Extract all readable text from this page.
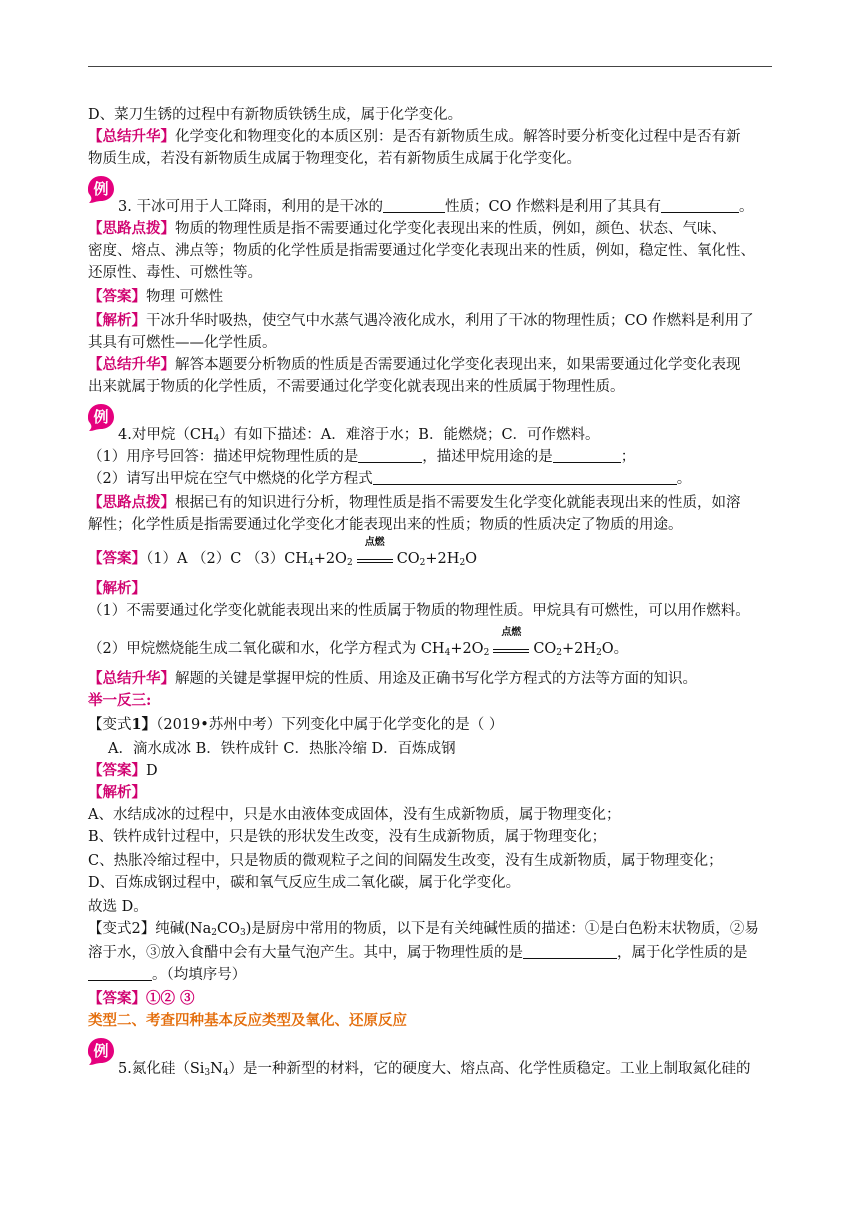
D、菜刀生锈的过程中有新物质铁锈生成，属于化学变化。
【总结升华】化学变化和物理变化的本质区别：是否有新物质生成。解答时要分析变化过程中是否有新
物质生成，若没有新物质生成属于物理变化，若有新物质生成属于化学变化。
例
3. 干冰可用于人工降雨，利用的是干冰的	性质；CO 作燃料是利用了其具有	。
【思路点拨】物质的物理性质是指不需要通过化学变化表现出来的性质，例如，颜色、状态、气味、
密度、熔点、沸点等；物质的化学性质是指需要通过化学变化表现出来的性质，例如，稳定性、氧化性、
还原性、毒性、可燃性等。
【答案】物理 可燃性
【解析】干冰升华时吸热，使空气中水蒸气遇冷液化成水，利用了干冰的物理性质；CO 作燃料是利用了
其具有可燃性——化学性质。
【总结升华】解答本题要分析物质的性质是否需要通过化学变化表现出来，如果需要通过化学变化表现
出来就属于物质的化学性质，不需要通过化学变化就表现出来的性质属于物理性质。
例
4.对甲烷$(CH_4)$有如下描述：A．难溶于水；B．能燃烧；C．可作燃料。
（1）用序号回答：描述甲烷物理性质的是	，描述甲烷用途的是	；
（2）请写出甲烷在空气中燃烧的化学方程式	。
【思路点拨】根据已有的知识进行分析，物理性质是指不需要发生化学变化就能表现出来的性质，如溶
解性；化学性质是指需要通过化学变化才能表现出来的性质；物质的性质决定了物质的用途。
【答案】（1）A （2）C $(3)CH_4+2O_2$
点燃
$CO_2+2H_2O$
【解析】
（1）不需要通过化学变化就能表现出来的性质属于物质的物理性质。甲烷具有可燃性，可以用作燃料。
（2）甲烷燃烧能生成二氧化碳和水，化学方程式为 $CH_4+2O_2$
点燃
$CO_2+2H_2O$。
【总结升华】解题的关键是掌握甲烷的性质、用途及正确书写化学方程式的方法等方面的知识。
举一反三:
【变式1】（2019•苏州中考）下列变化中属于化学变化的是（ ）
A．滴水成冰 B．铁杵成针 C．热胀冷缩 D．百炼成钢
【答案】D
【解析】
A、水结成冰的过程中，只是水由液体变成固体，没有生成新物质，属于物理变化；
B、铁杵成针过程中，只是铁的形状发生改变，没有生成新物质，属于物理变化；
C、热胀冷缩过程中，只是物质的微观粒子之间的间隔发生改变，没有生成新物质，属于物理变化；
D、百炼成钢过程中，碳和氧气反应生成二氧化碳，属于化学变化。
故选 D。
【变式2】纯碱$(Na_2CO_3)$是厨房中常用的物质，以下是有关纯碱性质的描述：①是白色粉末状物质，②易
溶于水，③放入食醋中会有大量气泡产生。其中，属于物理性质的是	，属于化学性质的是
。（均填序号）
【答案】①② ③
类型二、考查四种基本反应类型及氧化、还原反应
例
5.氮化硅$(Si_3N_4)$是一种新型的材料，它的硬度大、熔点高、化学性质稳定。工业上制取氮化硅的
